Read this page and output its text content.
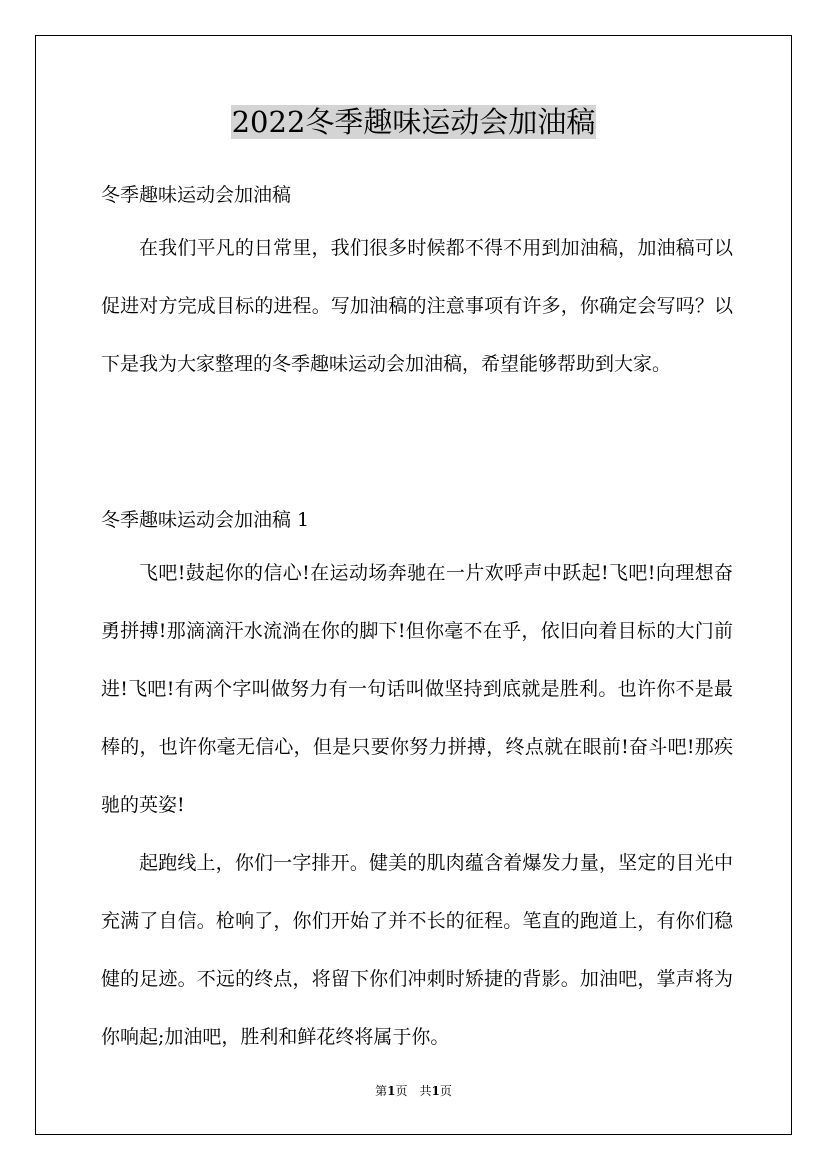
2022冬季趣味运动会加油稿
冬季趣味运动会加油稿

在我们平凡的日常里，我们很多时候都不得不用到加油稿，加油稿可以促进对方完成目标的进程。写加油稿的注意事项有许多，你确定会写吗？以下是我为大家整理的冬季趣味运动会加油稿，希望能够帮助到大家。

冬季趣味运动会加油稿 1

飞吧!鼓起你的信心!在运动场奔驰在一片欢呼声中跃起!飞吧!向理想奋勇拼搏!那滴滴汗水流淌在你的脚下!但你毫不在乎，依旧向着目标的大门前进!飞吧!有两个字叫做努力有一句话叫做坚持到底就是胜利。也许你不是最棒的，也许你毫无信心，但是只要你努力拼搏，终点就在眼前!奋斗吧!那疾驰的英姿!

起跑线上，你们一字排开。健美的肌肉蕴含着爆发力量，坚定的目光中充满了自信。枪响了，你们开始了并不长的征程。笔直的跑道上，有你们稳健的足迹。不远的终点，将留下你们冲刺时矫捷的背影。加油吧，掌声将为你响起;加油吧，胜利和鲜花终将属于你。

第1页　共1页
